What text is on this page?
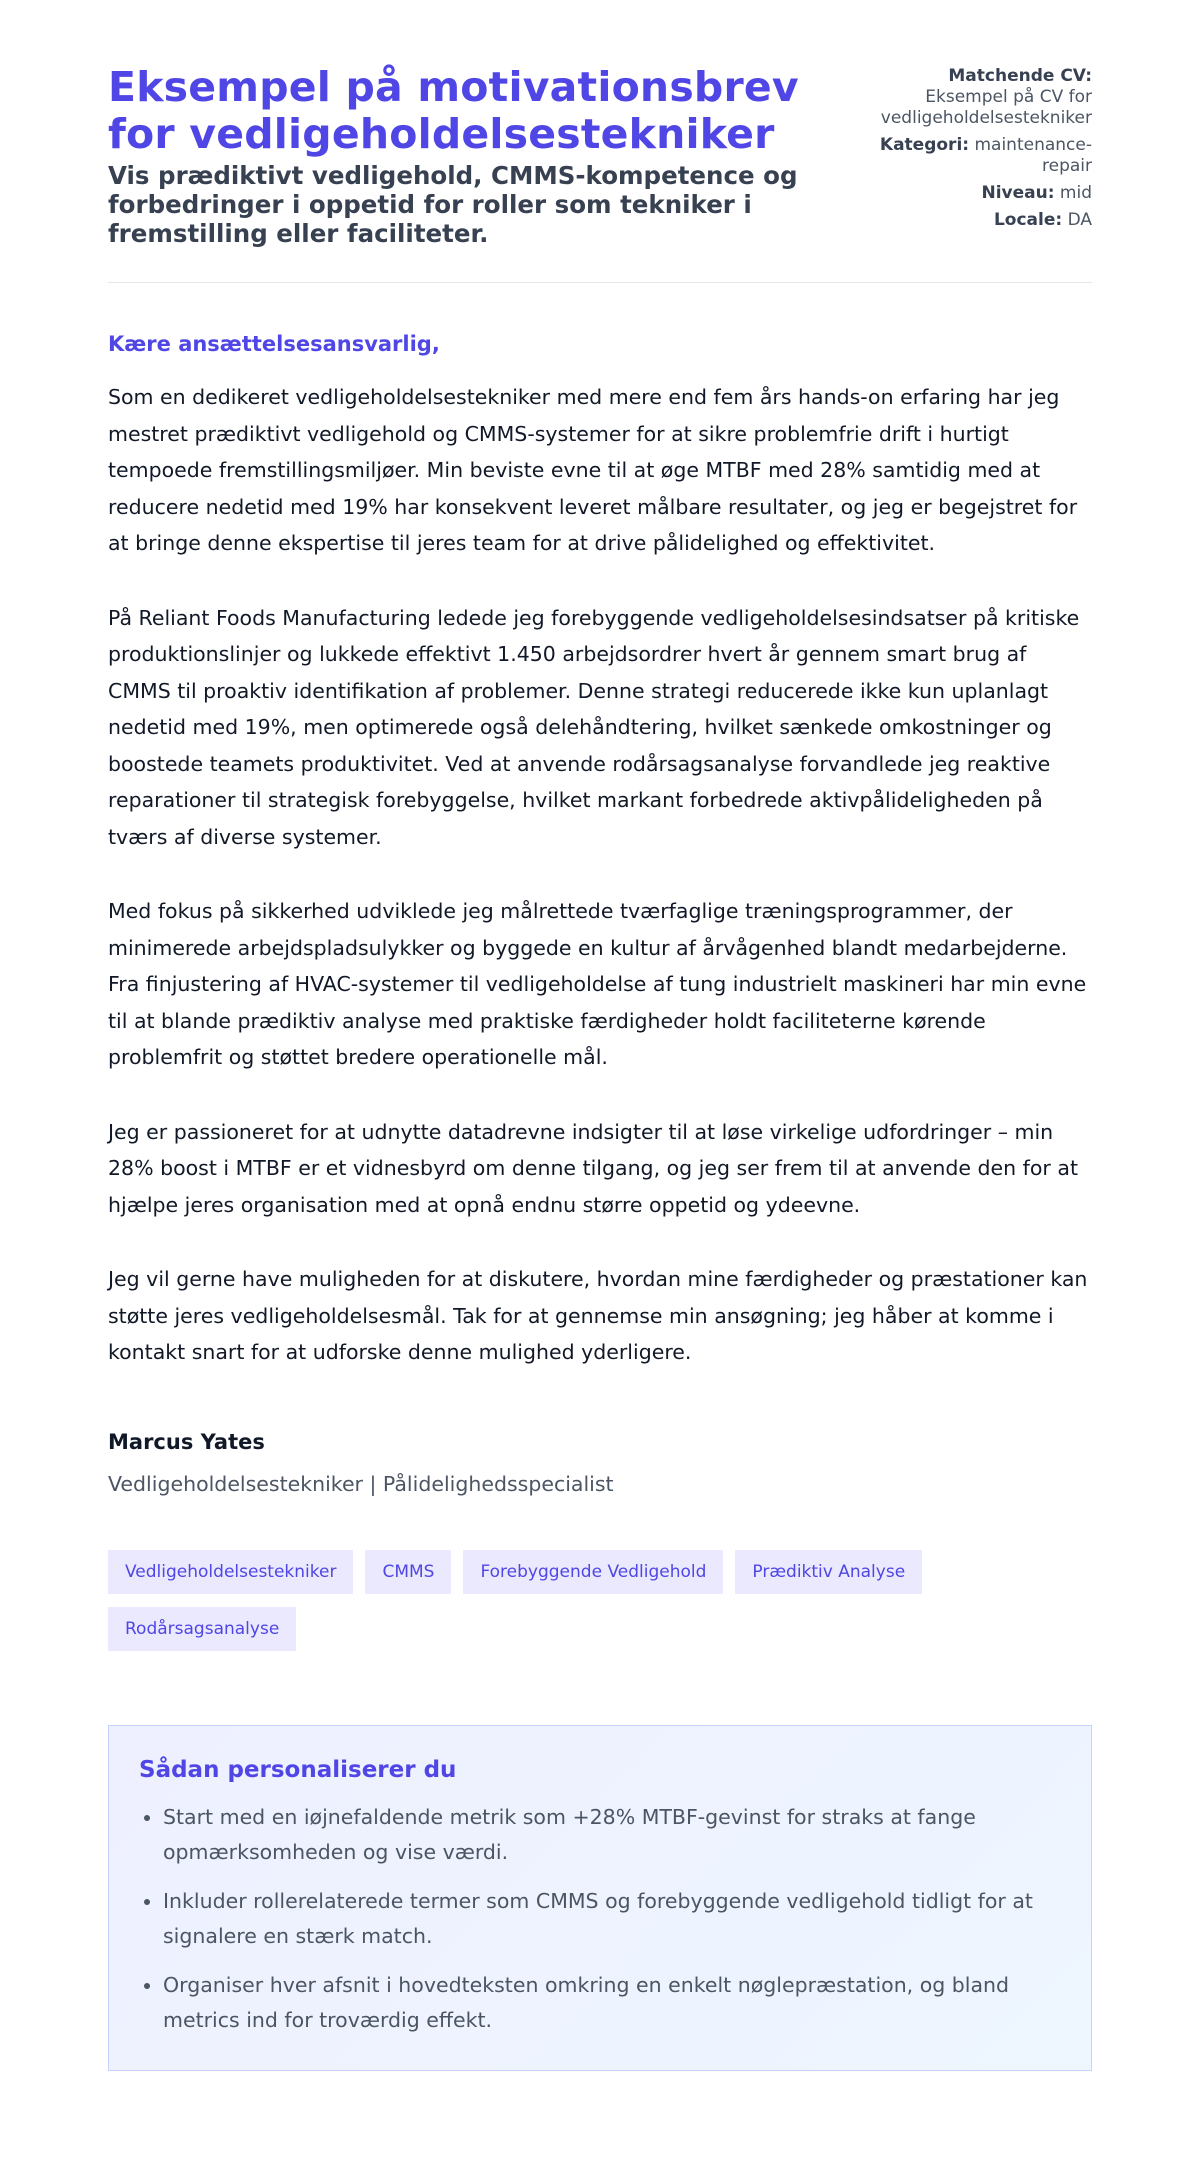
Eksempel på motivationsbrev for vedligeholdelsestekniker

Vis prædiktivt vedligehold, CMMS-kompetence og forbedringer i oppetid for roller som tekniker i fremstilling eller faciliteter.

Matchende CV:
Eksempel på CV for vedligeholdelsestekniker
Kategori: maintenance-repair
Niveau: mid
Locale: DA

Kære ansættelsesansvarlig,

Som en dedikeret vedligeholdelsestekniker med mere end fem års hands-on erfaring har jeg mestret prædiktivt vedligehold og CMMS-systemer for at sikre problemfrie drift i hurtigt tempoede fremstillingsmiljøer. Min beviste evne til at øge MTBF med 28% samtidig med at reducere nedetid med 19% har konsekvent leveret målbare resultater, og jeg er begejstret for at bringe denne ekspertise til jeres team for at drive pålidelighed og effektivitet.

På Reliant Foods Manufacturing ledede jeg forebyggende vedligeholdelsesindsatser på kritiske produktionslinjer og lukkede effektivt 1.450 arbejdsordrer hvert år gennem smart brug af CMMS til proaktiv identifikation af problemer. Denne strategi reducerede ikke kun uplanlagt nedetid med 19%, men optimerede også delehåndtering, hvilket sænkede omkostninger og boostede teamets produktivitet. Ved at anvende rodårsagsanalyse forvandlede jeg reaktive reparationer til strategisk forebyggelse, hvilket markant forbedrede aktivpålideligheden på tværs af diverse systemer.

Med fokus på sikkerhed udviklede jeg målrettede tværfaglige træningsprogrammer, der minimerede arbejdspladsulykker og byggede en kultur af årvågenhed blandt medarbejderne. Fra finjustering af HVAC-systemer til vedligeholdelse af tung industrielt maskineri har min evne til at blande prædiktiv analyse med praktiske færdigheder holdt faciliteterne kørende problemfrit og støttet bredere operationelle mål.

Jeg er passioneret for at udnytte datadrevne indsigter til at løse virkelige udfordringer – min 28% boost i MTBF er et vidnesbyrd om denne tilgang, og jeg ser frem til at anvende den for at hjælpe jeres organisation med at opnå endnu større oppetid og ydeevne.

Jeg vil gerne have muligheden for at diskutere, hvordan mine færdigheder og præstationer kan støtte jeres vedligeholdelsesmål. Tak for at gennemse min ansøgning; jeg håber at komme i kontakt snart for at udforske denne mulighed yderligere.

Marcus Yates
Vedligeholdelsestekniker | Pålidelighedsspecialist
Vedligeholdelsestekniker	CMMS	Forebyggende Vedligehold	Prædiktiv Analyse
Rodårsagsanalyse
Sådan personaliserer du
• Start med en iøjnefaldende metrik som +28% MTBF-gevinst for straks at fange opmærksomheden og vise værdi.
• Inkluder rollerelaterede termer som CMMS og forebyggende vedligehold tidligt for at signalere en stærk match.
• Organiser hver afsnit i hovedteksten omkring en enkelt nøglepræstation, og bland metrics ind for troværdig effekt.
